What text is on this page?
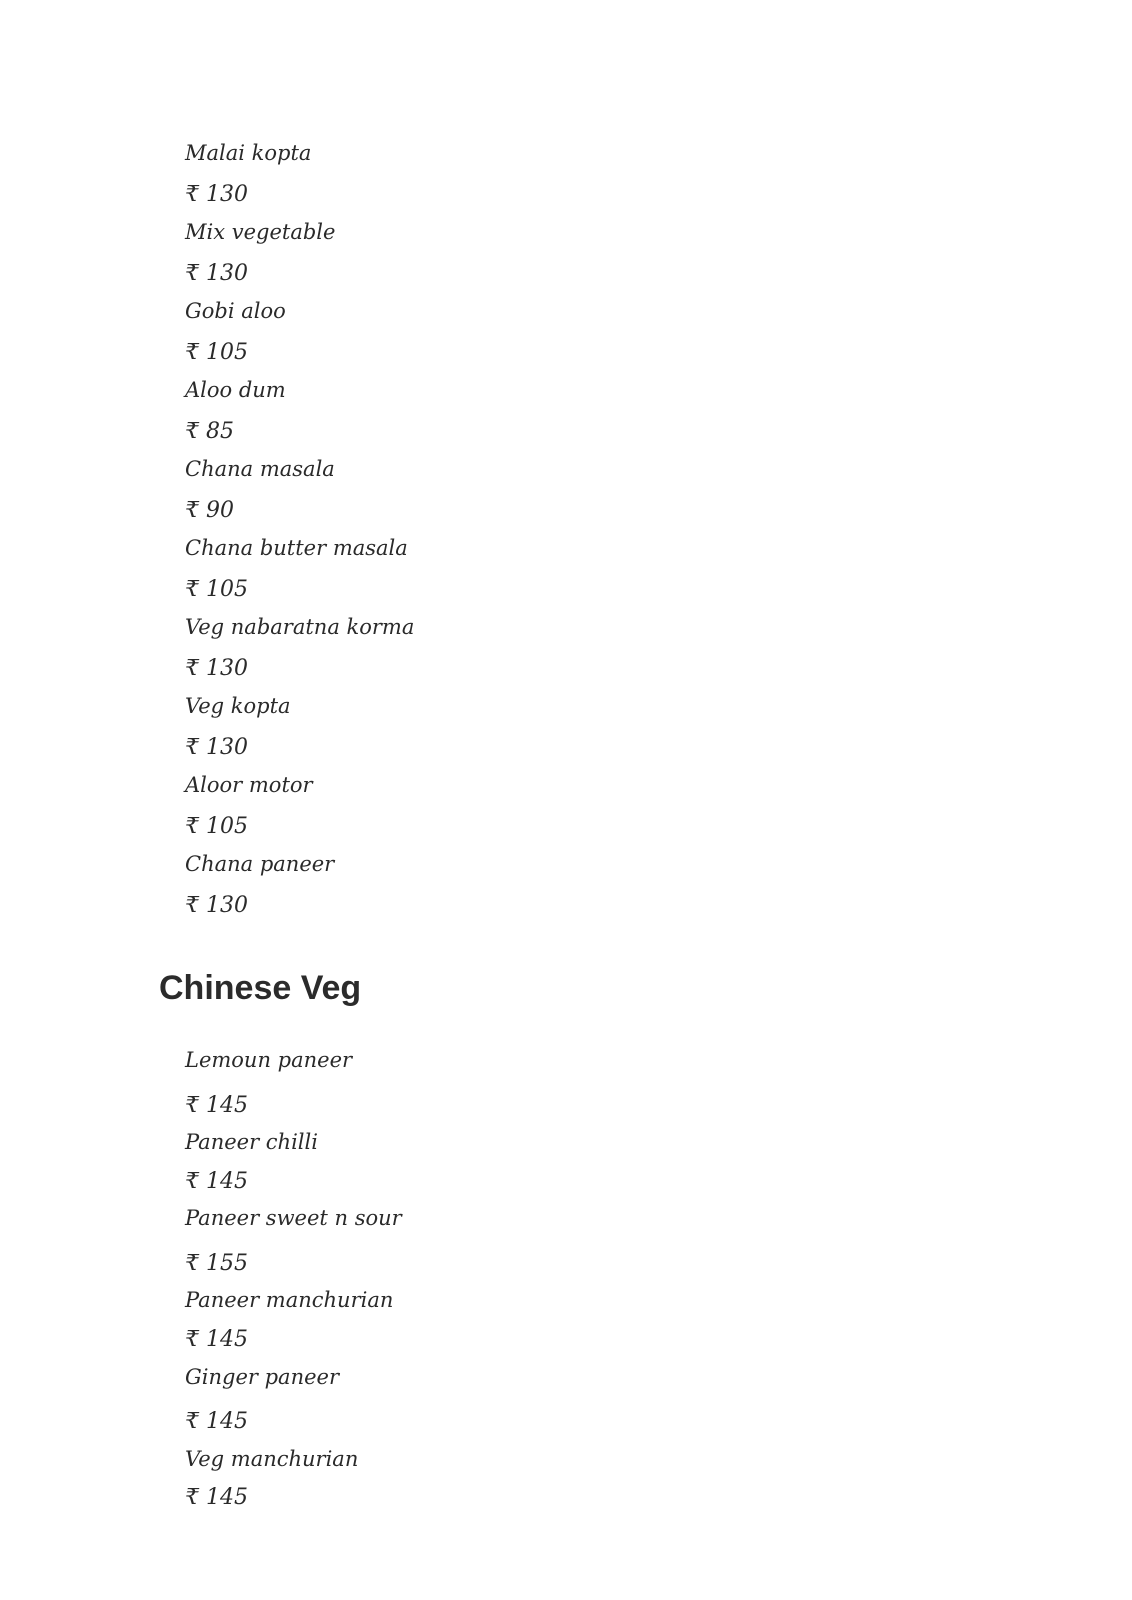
Malai kopta
₹ 130
Mix vegetable
₹ 130
Gobi aloo
₹ 105
Aloo dum
₹ 85
Chana masala
₹ 90
Chana butter masala
₹ 105
Veg nabaratna korma
₹ 130
Veg kopta
₹ 130
Aloor motor
₹ 105
Chana paneer
₹ 130
Chinese Veg
Lemoun paneer
₹ 145
Paneer chilli
₹ 145
Paneer sweet n sour
₹ 155
Paneer manchurian
₹ 145
Ginger paneer
₹ 145
Veg manchurian
₹ 145
